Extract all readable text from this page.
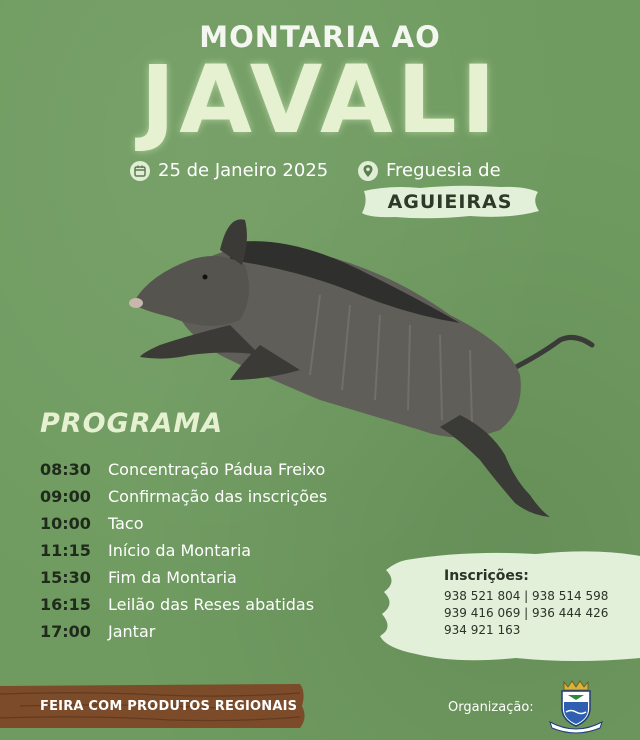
MONTARIA AO
JAVALI
25 de Janeiro 2025	Freguesia de
AGUIEIRAS
PROGRAMA
08:30	Concentração Pádua Freixo
09:00	Confirmação das inscrições
10:00	Taco
11:15	Início da Montaria
15:30	Fim da Montaria
16:15	Leilão das Reses abatidas
17:00	Jantar
Inscrições:
938 521 804 | 938 514 598
939 416 069 | 936 444 426
934 921 163
FEIRA COM PRODUTOS REGIONAIS	Organização:
